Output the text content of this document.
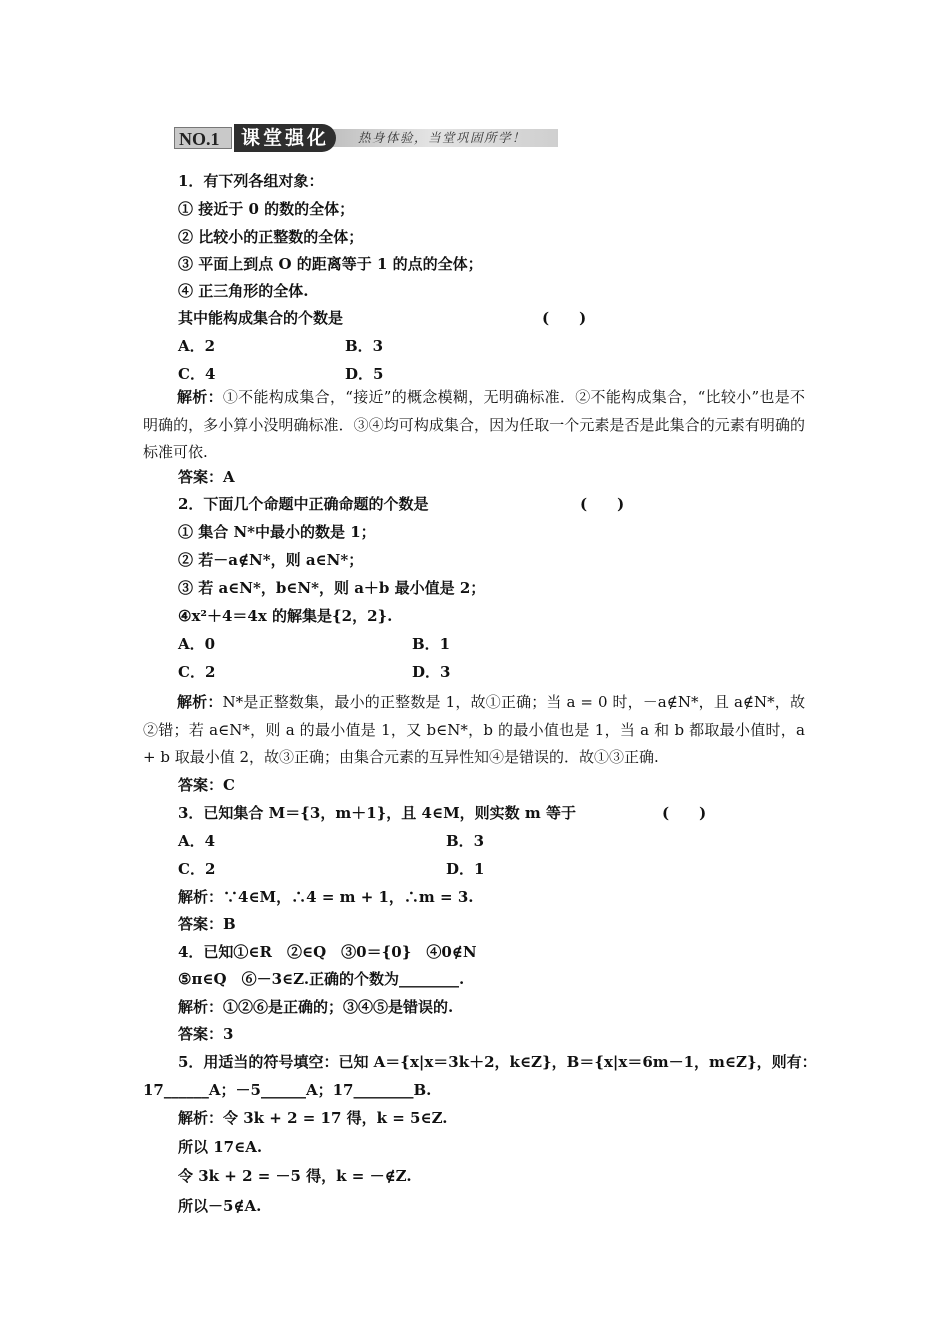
NO.1	热身体验，当堂巩固所学！
课堂强化
1．有下列各组对象：
① 接近于 0 的数的全体；
② 比较小的正整数的全体；
③ 平面上到点 O 的距离等于 1 的点的全体；
④ 正三角形的全体.
其中能构成集合的个数是	(　　)
A．2	B．3
C．4	D．5
解析：①不能构成集合，“接近”的概念模糊，无明确标准．②不能构成集合，“比较小”也是不明确的，多小算小没明确标准．③④均可构成集合，因为任取一个元素是否是此集合的元素有明确的标准可依.
答案：A
2．下面几个命题中正确命题的个数是	(　　)
① 集合 N*中最小的数是 1；
② 若－a∉N*，则 a∈N*；
③ 若 a∈N*，b∈N*，则 a＋b 最小值是 2；
④x²＋4＝4x 的解集是{2，2}.
A．0	B．1
C．2	D．3
解析：N*是正整数集，最小的正整数是 1，故①正确；当 a = 0 时，－a∉N*，且 a∉N*，故②错；若 a∈N*，则 a 的最小值是 1，又 b∈N*，b 的最小值也是 1，当 a 和 b 都取最小值时，a + b 取最小值 2，故③正确；由集合元素的互异性知④是错误的．故①③正确.
答案：C
3．已知集合 M＝{3，m＋1}，且 4∈M，则实数 m 等于	(　　)
A．4	B．3
C．2	D．1
解析：∵4∈M，∴4 = m + 1，∴m = 3.
答案：B
4．已知①∈R　②∈Q　③0＝{0}　④0∉N
⑤π∈Q　⑥－3∈Z.正确的个数为________.
解析：①②⑥是正确的；③④⑤是错误的.
答案：3
5．用适当的符号填空：已知 A＝{x|x＝3k＋2，k∈Z}，B＝{x|x＝6m－1，m∈Z}，则有：
17______A；－5______A；17________B.
解析：令 3k + 2 = 17 得，k = 5∈Z.
所以 17∈A.
令 3k + 2 = －5 得，k = －∉Z.
所以－5∉A.
